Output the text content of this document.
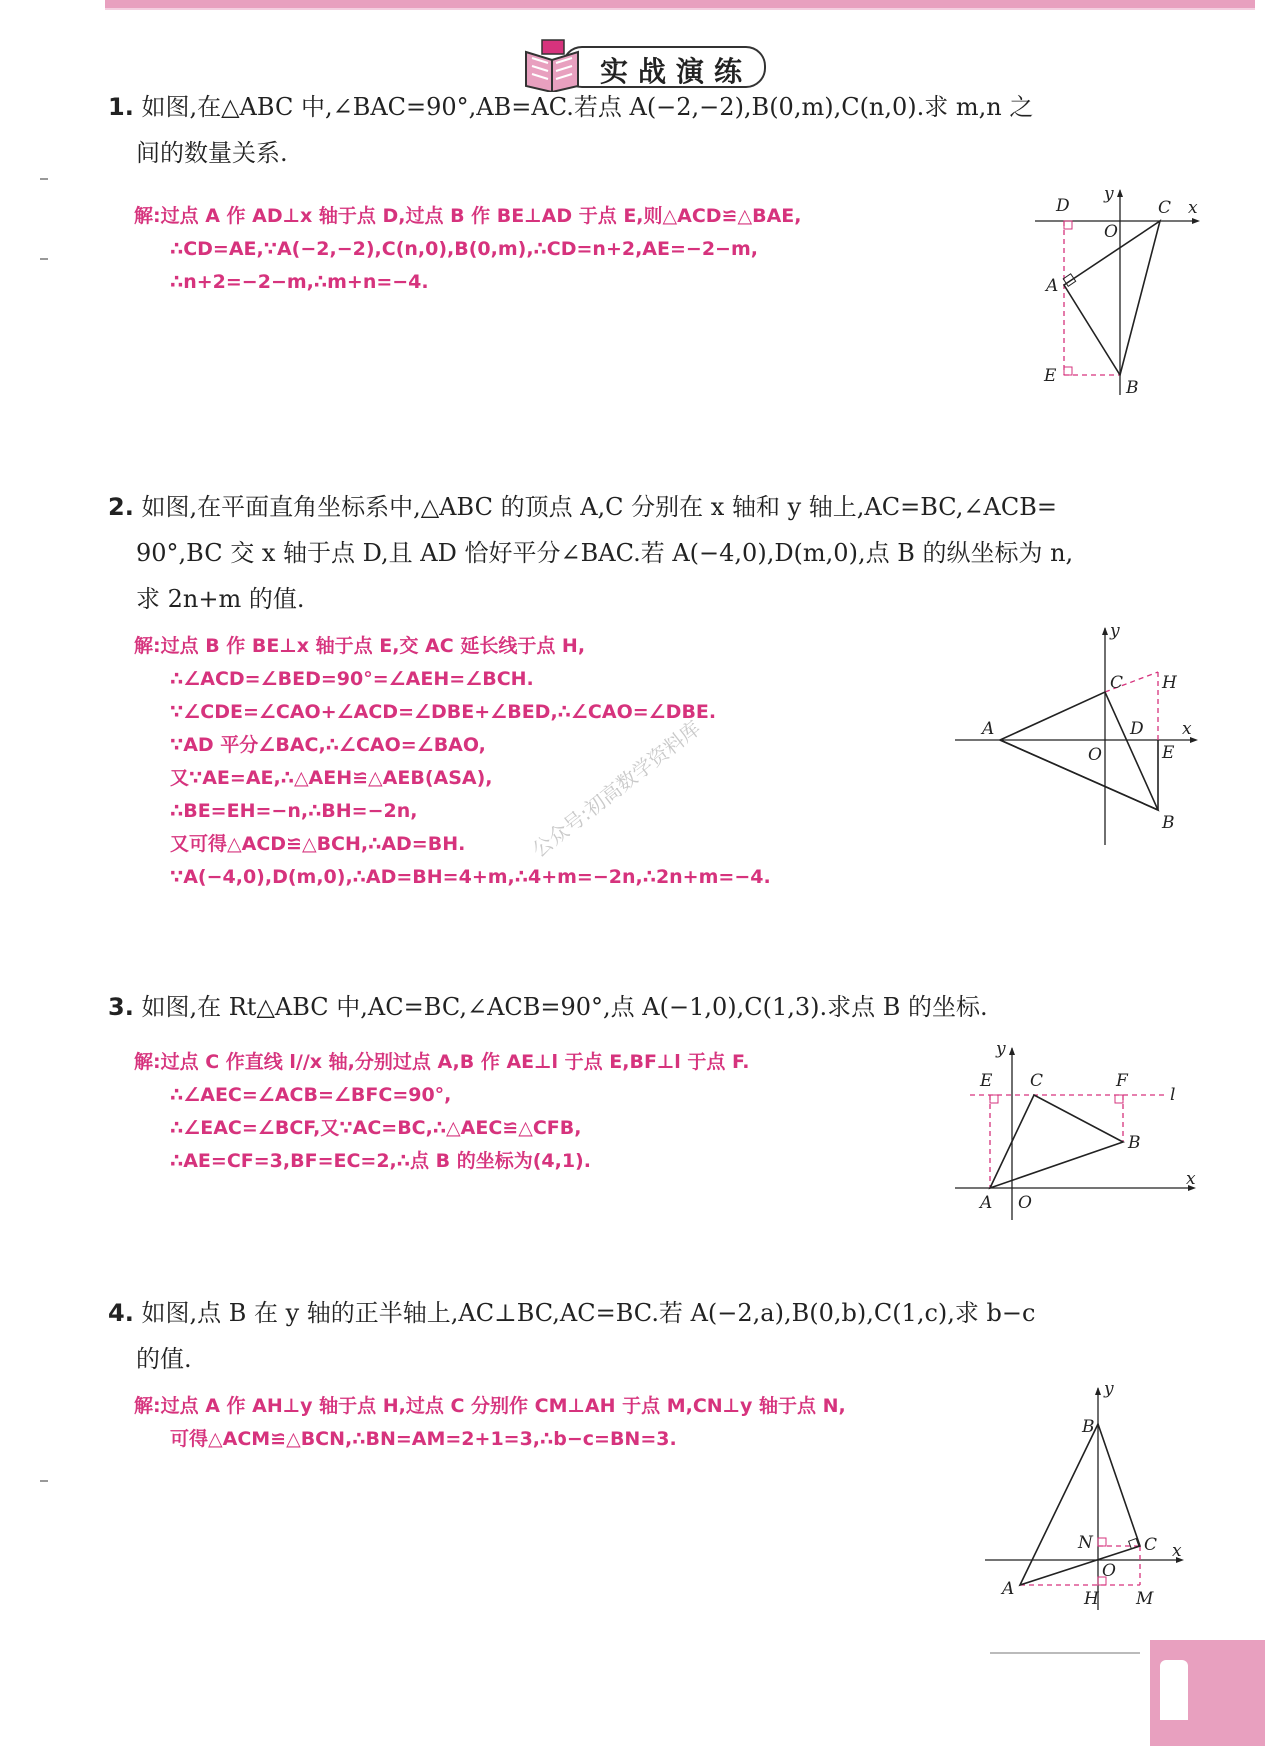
实战演练
1. 如图,在△ABC 中,∠BAC=90°,AB=AC.若点 A(−2,−2),B(0,m),C(n,0).求 m,n 之
间的数量关系.
解:过点 A 作 AD⊥x 轴于点 D,过点 B 作 BE⊥AD 于点 E,则△ACD≌△BAE,
∴CD=AE,∵A(−2,−2),C(n,0),B(0,m),∴CD=n+2,AE=−2−m,
∴n+2=−2−m,∴m+n=−4.
D
y
C
O
x
A
E
B
2. 如图,在平面直角坐标系中,△ABC 的顶点 A,C 分别在 x 轴和 y 轴上,AC=BC,∠ACB=
90°,BC 交 x 轴于点 D,且 AD 恰好平分∠BAC.若 A(−4,0),D(m,0),点 B 的纵坐标为 n,
求 2n+m 的值.
解:过点 B 作 BE⊥x 轴于点 E,交 AC 延长线于点 H,
∴∠ACD=∠BED=90°=∠AEH=∠BCH.
∵∠CDE=∠CAO+∠ACD=∠DBE+∠BED,∴∠CAO=∠DBE.
∵AD 平分∠BAC,∴∠CAO=∠BAO,
又∵AE=AE,∴△AEH≌△AEB(ASA),
∴BE=EH=−n,∴BH=−2n,
又可得△ACD≌△BCH,∴AD=BH.
∵A(−4,0),D(m,0),∴AD=BH=4+m,∴4+m=−2n,∴2n+m=−4.
y
C H
A	D
O	E
x
B
公众号:初高数学资料库
3. 如图,在 Rt△ABC 中,AC=BC,∠ACB=90°,点 A(−1,0),C(1,3).求点 B 的坐标.
解:过点 C 作直线 l//x 轴,分别过点 A,B 作 AE⊥l 于点 E,BF⊥l 于点 F.
∴∠AEC=∠ACB=∠BFC=90°,
∴∠EAC=∠BCF,又∵AC=BC,∴△AEC≌△CFB,
∴AE=CF=3,BF=EC=2,∴点 B 的坐标为(4,1).
y
E C	F
l
B
A O
x
4. 如图,点 B 在 y 轴的正半轴上,AC⊥BC,AC=BC.若 A(−2,a),B(0,b),C(1,c),求 b−c
的值.
解:过点 A 作 AH⊥y 轴于点 H,过点 C 分别作 CM⊥AH 于点 M,CN⊥y 轴于点 N,
可得△ACM≌△BCN,∴BN=AM=2+1=3,∴b−c=BN=3.
y
B
N	C
O
x
A	H M
